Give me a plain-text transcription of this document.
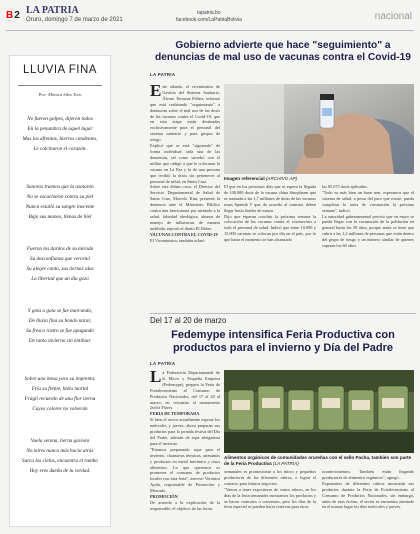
B2 LA PATRIA
Oruro, domingo 7 de marzo de 2021
lapatria.bo
facebook.com/LaPatriaBolivia	nacional
LLUVIA FINA
Por: Mónica Siles Toro
No fueron golpes, dijeron todos
En la penumbra de aquel lugar
Mas las afrentas, hierros candentes,
Le calcinaron el corazón.
Sonoros truenos que la azotaron
No se escucharon contra su piel
Nunca estalló su sangre inocente
Bajo sus manos, llenas de hiel
Fueron los dardos de su mirada
Su desconfianza que cercenó
Su alegre canto, sus tiernas alas
La libertad que un día gozó
Y gota a gota se fue marcando,
De lluvia fina su hondo mirar,
Su fresco rostro se fue apagando
De tanto invierno sin entibiar.
Sobre una mesa yace su imprenta,
Fría su frente, hielo mortal
Frágil recuerdo de una flor tierna
Cuyos colores no volverán
Vuela serena, tierna gaviota
No mires nunca más hacia atrás
Surca los cielos, encuentra el rumbo
Hoy eres dueña de tu verdad.
Gobierno advierte que hace "seguimiento" a denuncias de mal uso de vacunas contra el Covid-19
LA PATRIA

Este sábado, el viceministro de Gestión del Sistema Sanitario, Álvaro Terrazas Peláez, informó que está realizando "seguimiento" a denuncias sobre el mal uso de las dosis de las vacunas contra el Covid-19, que en esta etapa están destinadas exclusivamente para el personal del sistema sanitario y para grupos de riesgo.

Explicó que se está "siguiendo" de forma individual cada una de las denuncias, tal como sucedió con el militar que obligó a que le colocasen la vacuna en La Paz y la de una persona que recibió la dosis sin pertenecer al personal de salud, en Santa Cruz.

Sobre este último caso, el Director del Servicio Departamental de Salud de Santa Cruz, Marcelo Kim, presentó la denuncia ante el Ministerio Público contra una funcionaria por atentado a la salud, falsedad ideológica, abonos de manejo de influencias de manera indebida, reportó el diario El Deber.

VACUNAS CONTRA EL COVID-19

El Viceministro, también aclaró

Imagen referencial (ARCHIVO AP)

El que en los próximos días que se espera la llegada de 100.000 dosis de la vacuna china Sinopharm que se sumarán a las 1,7 millones de dosis de las vacunas rusas Sputnik V que, de acuerdo al contrato, deben llegar hasta finales de marzo.

Dijo que esperan concluir la próxima semana la colocación de las vacunas contra el coronavirus a todo el personal de salud. Indicó que entre 10.000 y 15.000 vacunas se colocan por día en el país, por lo que hasta el momento se han alcanzado

las 85.075 dosis aplicadas.

"Todo va más bien un buen tren, esperamos que el sistema de salud, a pesar del paro que existe, pueda completar la tarea de vacunación la próxima semana", indicó.

La autoridad gubernamental precisó que en mayo se pueda llegar con la vacunación de la población en general hasta los 59 años, porque antes se tiene que cubrir a las 1,2 millones de personas que están dentro del grupo de riesgo y un número similar de quienes superan los 60 años.

Del 17 al 20 de marzo
Fedemype intensifica Feria Productiva con productos para el invierno y Día del Padre
LA PATRIA

La Federación Departamental de la Micro y Pequeña Empresa (Fedemype), prepara la Feria de Fortalecimiento al Consumo de Productos Nacionales, del 17 al 20 al marzo, en cercanías al monumento Jach'a Flores.

FERIA DE TEMPORADA

Si bien el sector actualmente expone los miércoles y jueves, ahora preparan sus productos para la jornada festiva del Día del Padre, además de ropa abrigadora para el invierno.

"Estamos preparando ropa para el invierno, chamarras térmicas, artesanías y productos en metal mecánica y otros alimentos. Lo que queremos es promover el consumo de productos locales con esta feria", aseveró Verónica Ayala, responsable de Promoción y Mercado.

PROMOCIÓN

De acuerdo a la explicación de la responsable, el objetivo de las ferias

Alimentos orgánicos de comunidades orureñas con el sello Pacha, también son parte de la Feria Productiva (LA PATRIA)

semanales es promocionar a los micro y pequeños productores de las diferentes rubros, o lograr el contacto para futuros negocios.

"Vamos a tener expositores de varios rubros, en los días de la feria semanales mostramos los productos y se hacen contratos o convenios, pero los días de la feria especial se pueden hacer reservas para otros

acontecimientos. También están llegando productores de alimentos orgánicos", agregó.

Exponentes de diferentes rubros mostrarán sus productos durante la Feria de Fortalecimiento al Consumo de Productos Nacionales, sin embargo, antes de esas fechas, el sector se encuentra asentado en el mismo lugar los días miércoles y jueves.
